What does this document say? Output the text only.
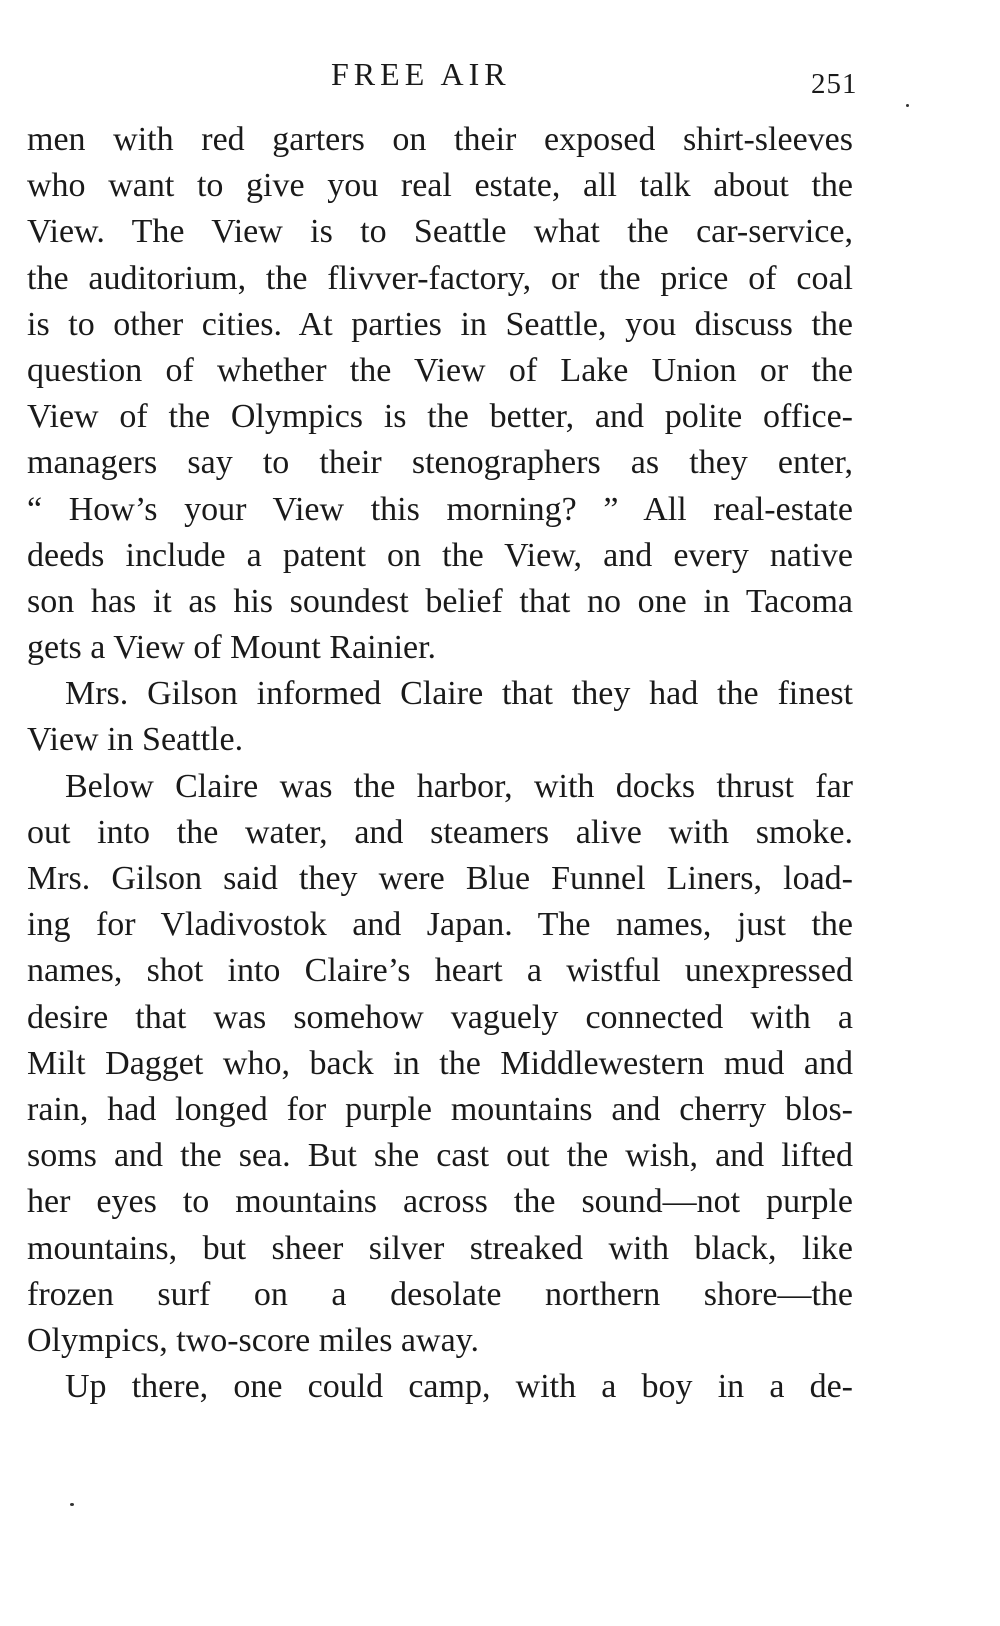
FREE AIR	251
men with red garters on their exposed shirt-sleeves
who want to give you real estate, all talk about the
View. The View is to Seattle what the car-service,
the auditorium, the flivver-factory, or the price of coal
is to other cities. At parties in Seattle, you discuss the
question of whether the View of Lake Union or the
View of the Olympics is the better, and polite office-
managers say to their stenographers as they enter,
“ How’s your View this morning? ” All real-estate
deeds include a patent on the View, and every native
son has it as his soundest belief that no one in Tacoma
gets a View of Mount Rainier.
Mrs. Gilson informed Claire that they had the finest
View in Seattle.
Below Claire was the harbor, with docks thrust far
out into the water, and steamers alive with smoke.
Mrs. Gilson said they were Blue Funnel Liners, load-
ing for Vladivostok and Japan. The names, just the
names, shot into Claire’s heart a wistful unexpressed
desire that was somehow vaguely connected with a
Milt Dagget who, back in the Middlewestern mud and
rain, had longed for purple mountains and cherry blos-
soms and the sea. But she cast out the wish, and lifted
her eyes to mountains across the sound—not purple
mountains, but sheer silver streaked with black, like
frozen surf on a desolate northern shore—the
Olympics, two-score miles away.
Up there, one could camp, with a boy in a de-
